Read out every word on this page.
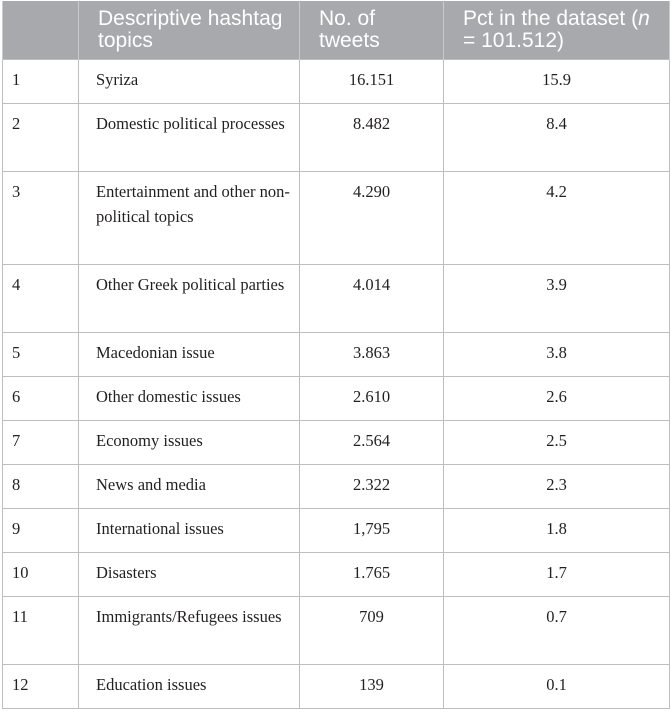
	Descriptive hashtag topics	No. of tweets	Pct in the dataset (n = 101.512)
1	Syriza	16.151	15.9
2	Domestic political processes	8.482	8.4
3	Entertainment and other non-political topics	4.290	4.2
4	Other Greek political parties	4.014	3.9
5	Macedonian issue	3.863	3.8
6	Other domestic issues	2.610	2.6
7	Economy issues	2.564	2.5
8	News and media	2.322	2.3
9	International issues	1,795	1.8
10	Disasters	1.765	1.7
11	Immigrants/Refugees issues	709	0.7
12	Education issues	139	0.1
